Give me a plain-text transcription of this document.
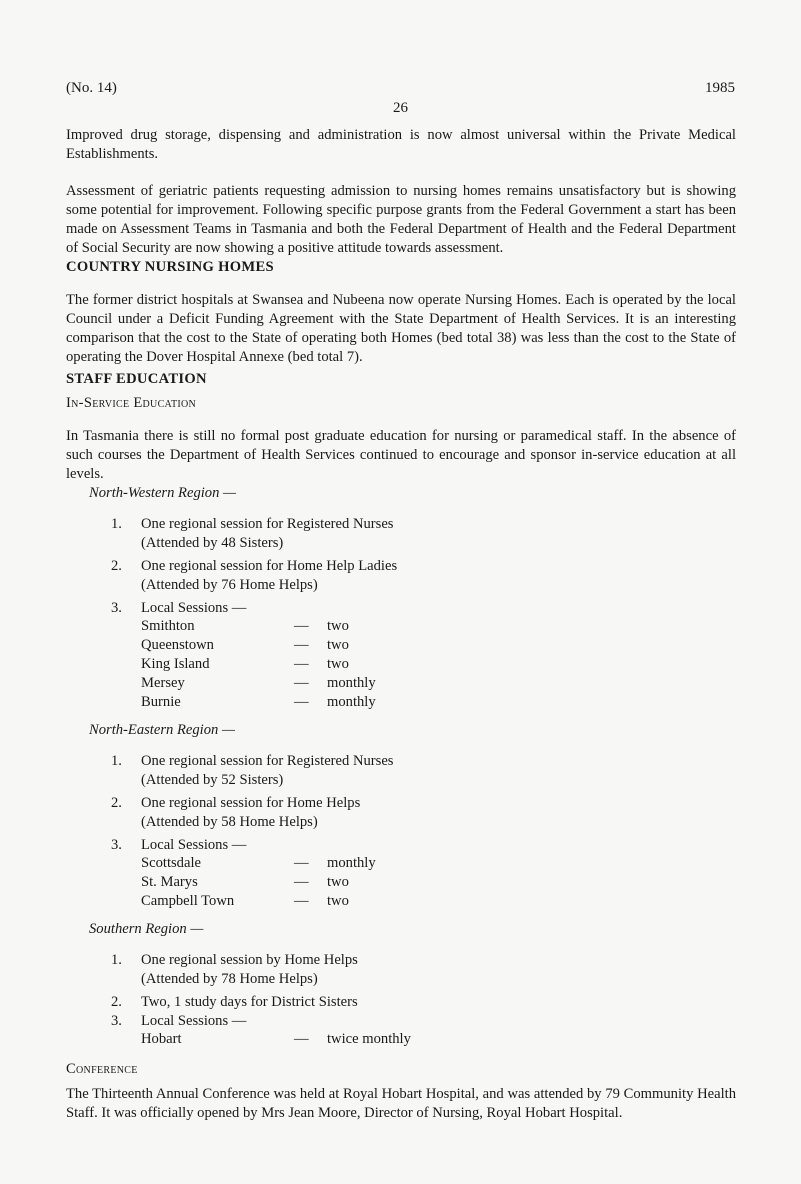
(No. 14)	1985
26
Improved drug storage, dispensing and administration is now almost universal within the Private Medical Establishments.
Assessment of geriatric patients requesting admission to nursing homes remains unsatisfactory but is showing some potential for improvement. Following specific purpose grants from the Federal Government a start has been made on Assessment Teams in Tasmania and both the Federal Department of Health and the Federal Department of Social Security are now showing a positive attitude towards assessment.
COUNTRY NURSING HOMES
The former district hospitals at Swansea and Nubeena now operate Nursing Homes. Each is operated by the local Council under a Deficit Funding Agreement with the State Department of Health Services. It is an interesting comparison that the cost to the State of operating both Homes (bed total 38) was less than the cost to the State of operating the Dover Hospital Annexe (bed total 7).
STAFF EDUCATION
In-Service Education
In Tasmania there is still no formal post graduate education for nursing or paramedical staff. In the absence of such courses the Department of Health Services continued to encourage and sponsor in-service education at all levels.
North-Western Region —
1. One regional session for Registered Nurses
(Attended by 48 Sisters)
2. One regional session for Home Help Ladies
(Attended by 76 Home Helps)
3. Local Sessions —
Smithton	— two
Queenstown	— two
King Island	— two
Mersey	— monthly
Burnie	— monthly
North-Eastern Region —
1. One regional session for Registered Nurses
(Attended by 52 Sisters)
2. One regional session for Home Helps
(Attended by 58 Home Helps)
3. Local Sessions —
Scottsdale	— monthly
St. Marys	— two
Campbell Town	— two
Southern Region —
1. One regional session by Home Helps
(Attended by 78 Home Helps)
2. Two, 1 study days for District Sisters
3. Local Sessions —
Hobart	— twice monthly
Conference
The Thirteenth Annual Conference was held at Royal Hobart Hospital, and was attended by 79 Community Health Staff. It was officially opened by Mrs Jean Moore, Director of Nursing, Royal Hobart Hospital.
